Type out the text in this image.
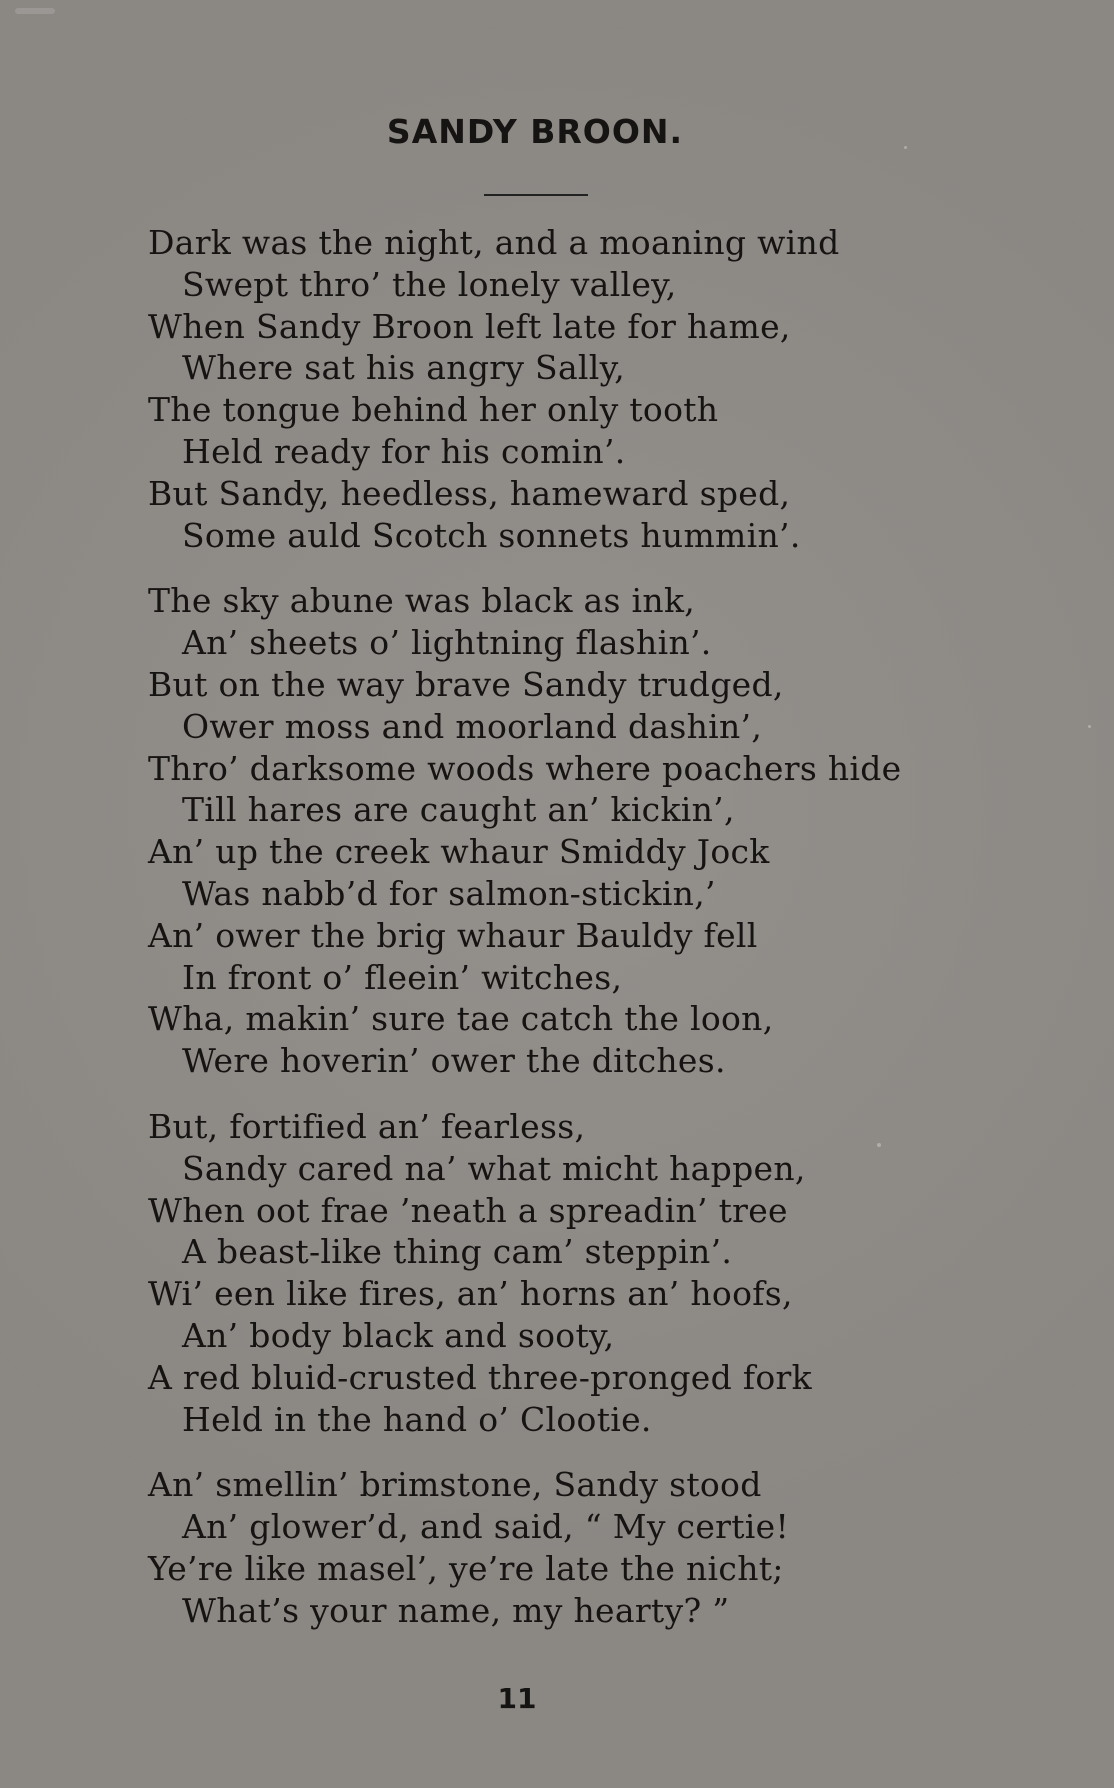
SANDY BROON.
Dark was the night, and a moaning wind
Swept thro’ the lonely valley,
When Sandy Broon left late for hame,
Where sat his angry Sally,
The tongue behind her only tooth
Held ready for his comin’.
But Sandy, heedless, hameward sped,
Some auld Scotch sonnets hummin’.
The sky abune was black as ink,
An’ sheets o’ lightning flashin’.
But on the way brave Sandy trudged,
Ower moss and moorland dashin’,
Thro’ darksome woods where poachers hide
Till hares are caught an’ kickin’,
An’ up the creek whaur Smiddy Jock
Was nabb’d for salmon-stickin,’
An’ ower the brig whaur Bauldy fell
In front o’ fleein’ witches,
Wha, makin’ sure tae catch the loon,
Were hoverin’ ower the ditches.
But, fortified an’ fearless,
Sandy cared na’ what micht happen,
When oot frae ’neath a spreadin’ tree
A beast-like thing cam’ steppin’.
Wi’ een like fires, an’ horns an’ hoofs,
An’ body black and sooty,
A red bluid-crusted three-pronged fork
Held in the hand o’ Clootie.
An’ smellin’ brimstone, Sandy stood
An’ glower’d, and said, “ My certie!
Ye’re like masel’, ye’re late the nicht;
What’s your name, my hearty? ”
11
